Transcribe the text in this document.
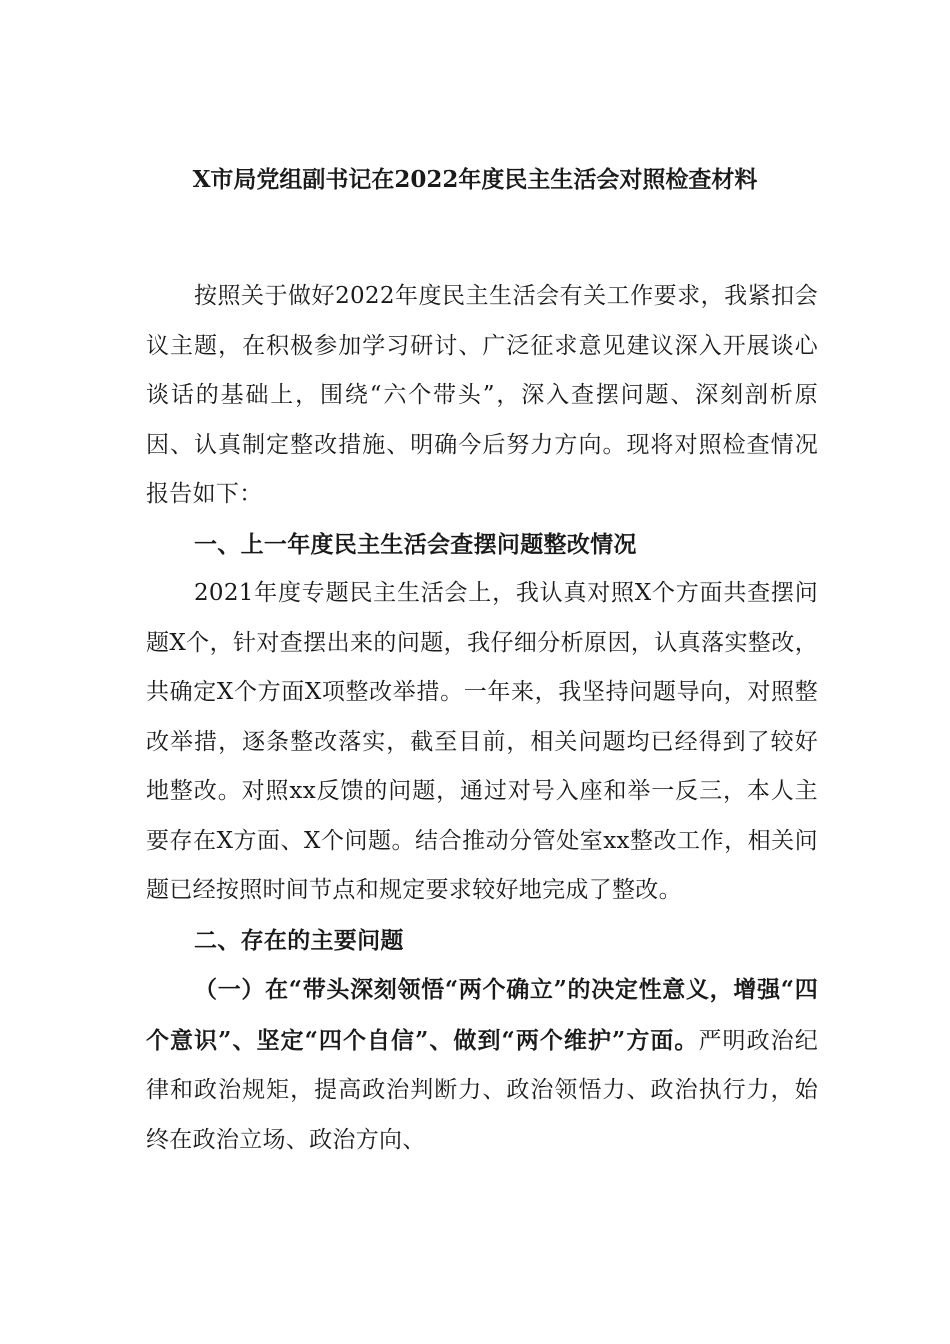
X市局党组副书记在2022年度民主生活会对照检查材料

按照关于做好2022年度民主生活会有关工作要求，我紧扣会议主题，在积极参加学习研讨、广泛征求意见建议深入开展谈心谈话的基础上，围绕“六个带头”，深入查摆问题、深刻剖析原因、认真制定整改措施、明确今后努力方向。现将对照检查情况报告如下：

一、上一年度民主生活会查摆问题整改情况

2021年度专题民主生活会上，我认真对照X个方面共查摆问题X个，针对查摆出来的问题，我仔细分析原因，认真落实整改，共确定X个方面X项整改举措。一年来，我坚持问题导向，对照整改举措，逐条整改落实，截至目前，相关问题均已经得到了较好地整改。对照xx反馈的问题，通过对号入座和举一反三，本人主要存在X方面、X个问题。结合推动分管处室xx整改工作，相关问题已经按照时间节点和规定要求较好地完成了整改。

二、存在的主要问题

（一）在“带头深刻领悟“两个确立”的决定性意义，增强“四个意识”、坚定“四个自信”、做到“两个维护”方面。严明政治纪律和政治规矩，提高政治判断力、政治领悟力、政治执行力，始终在政治立场、政治方向、
